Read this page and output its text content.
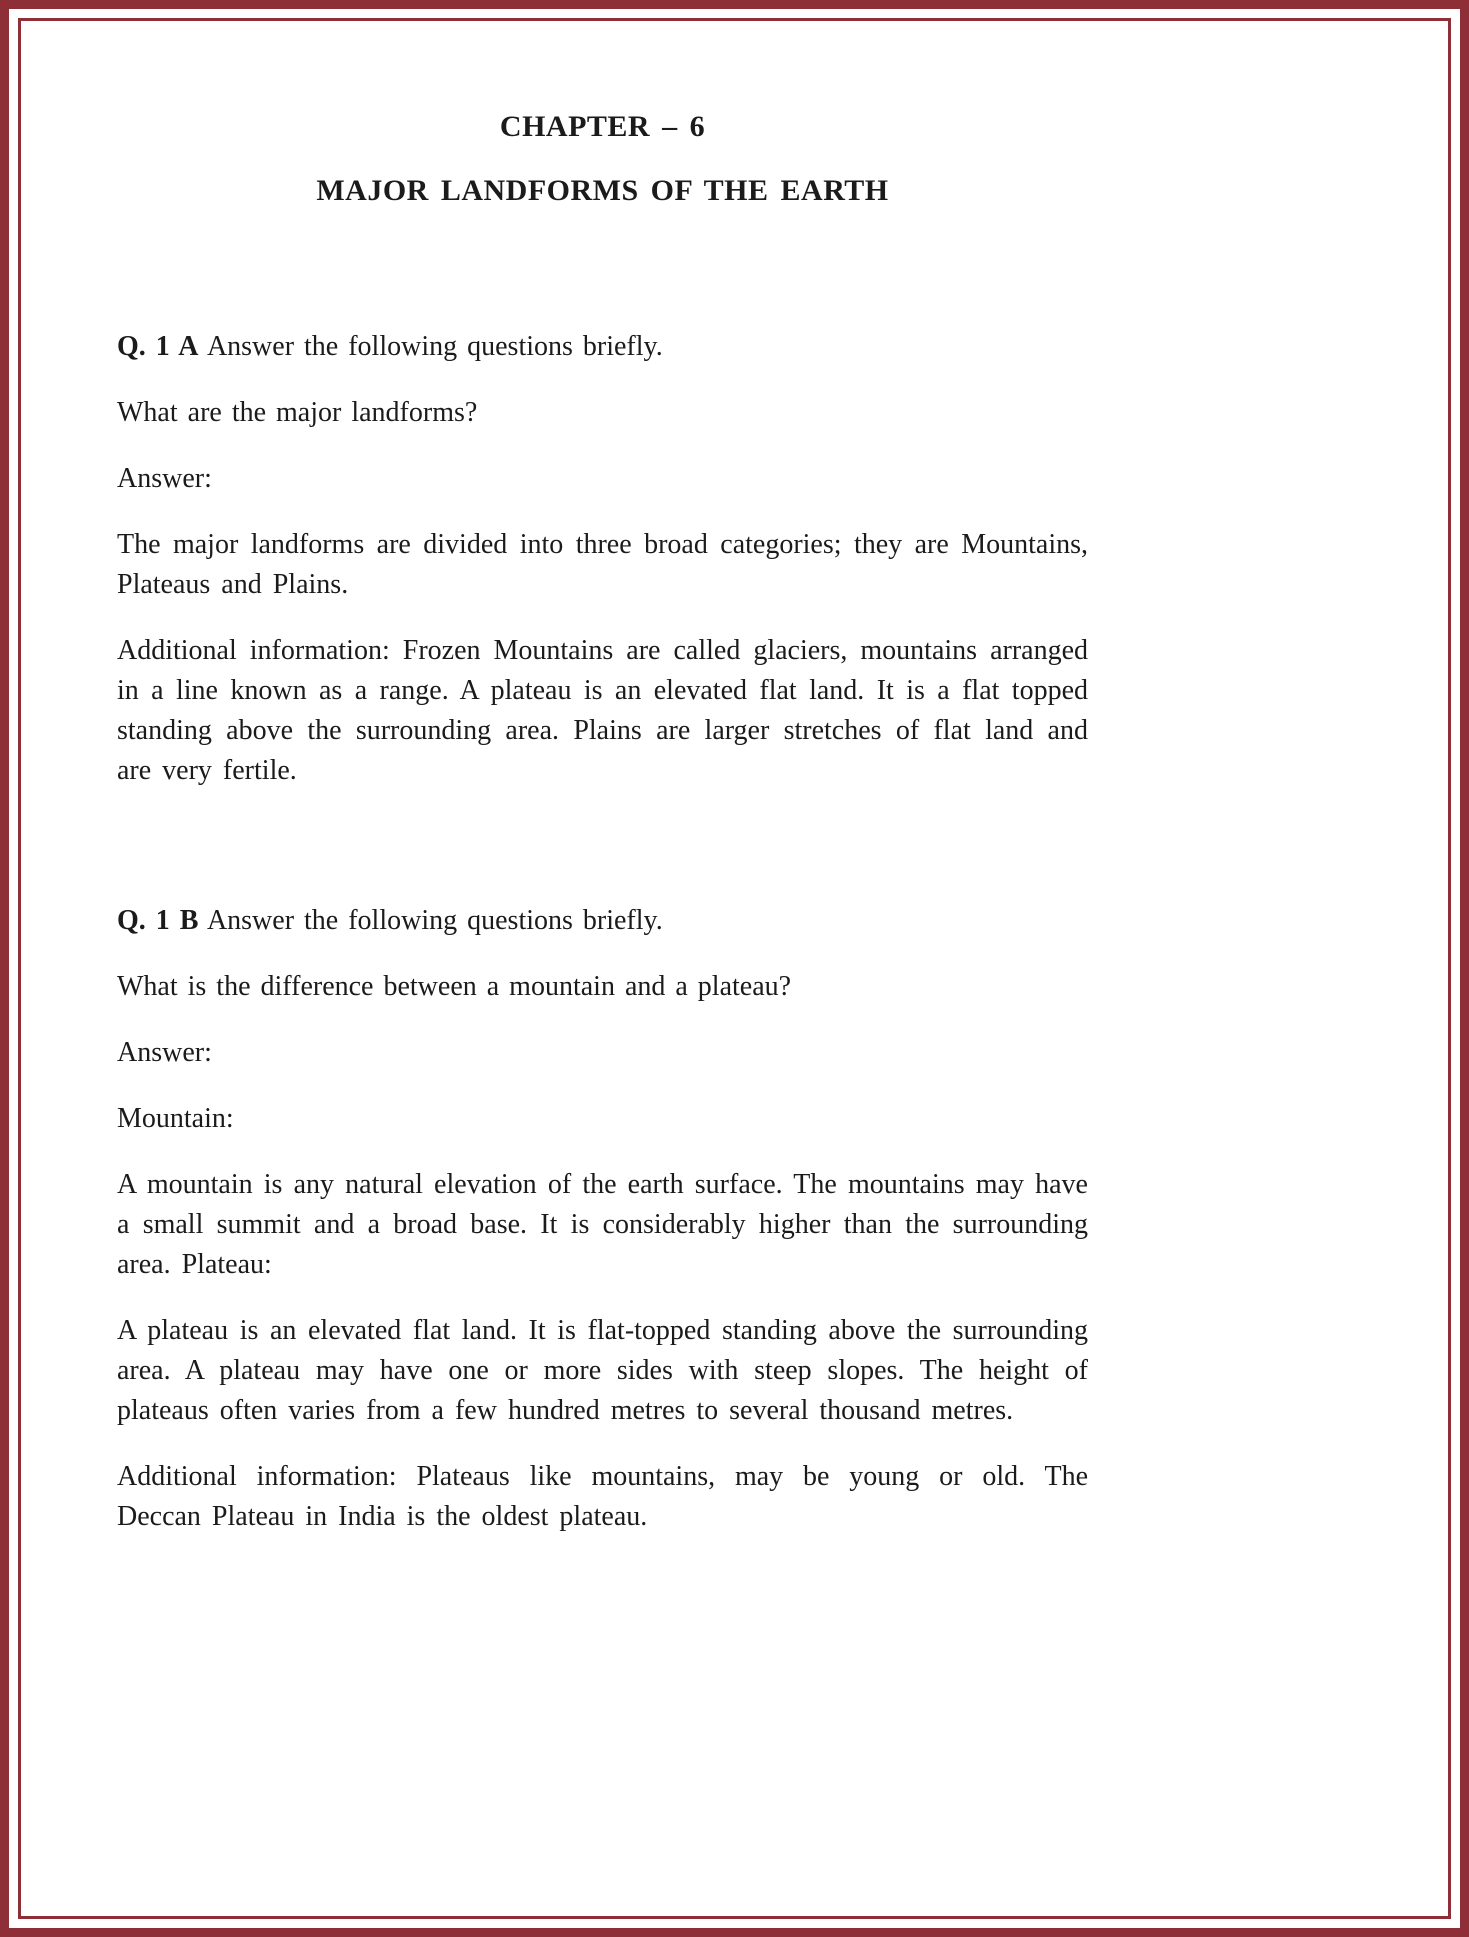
CHAPTER – 6
MAJOR LANDFORMS OF THE EARTH

Q. 1 A Answer the following questions briefly.

What are the major landforms?

Answer:

The major landforms are divided into three broad categories; they are Mountains, Plateaus and Plains.

Additional information: Frozen Mountains are called glaciers, mountains arranged in a line known as a range. A plateau is an elevated flat land. It is a flat topped standing above the surrounding area. Plains are larger stretches of flat land and are very fertile.

Q. 1 B Answer the following questions briefly.

What is the difference between a mountain and a plateau?

Answer:

Mountain:

A mountain is any natural elevation of the earth surface. The mountains may have a small summit and a broad base. It is considerably higher than the surrounding area. Plateau:

A plateau is an elevated flat land. It is flat-topped standing above the surrounding area. A plateau may have one or more sides with steep slopes. The height of plateaus often varies from a few hundred metres to several thousand metres.

Additional information: Plateaus like mountains, may be young or old. The Deccan Plateau in India is the oldest plateau.
